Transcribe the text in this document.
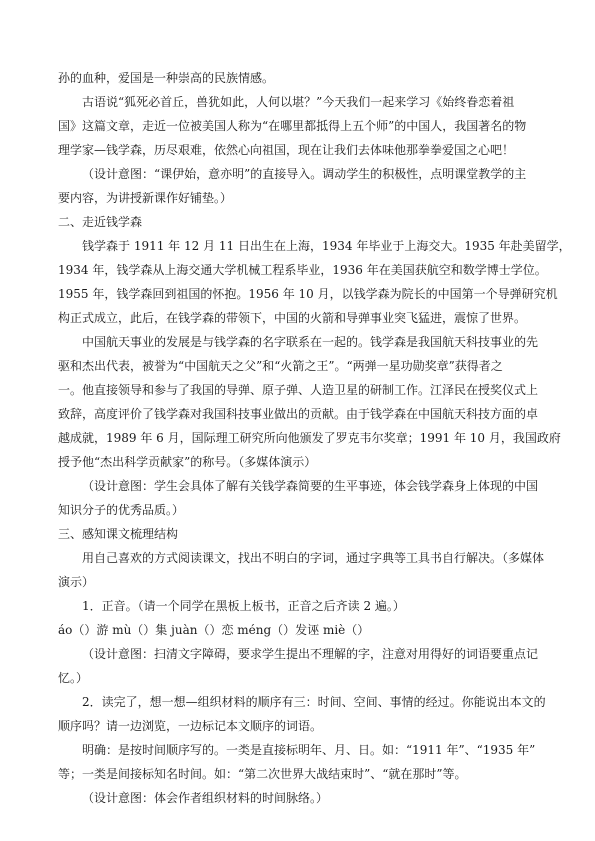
孙的血种，爱国是一种崇高的民族情感。

古语说“狐死必首丘，兽犹如此，人何以堪？”今天我们一起来学习《始终眷恋着祖
国》这篇文章，走近一位被美国人称为“在哪里都抵得上五个师”的中国人，我国著名的物
理学家—钱学森，历尽艰难，依然心向祖国，现在让我们去体味他那拳拳爱国之心吧！

（设计意图：“课伊始，意亦明”的直接导入。调动学生的积极性，点明课堂教学的主
要内容，为讲授新课作好铺垫。）

二、走近钱学森

钱学森于 1911 年 12 月 11 日出生在上海，1934 年毕业于上海交大。1935 年赴美留学，
1934 年，钱学森从上海交通大学机械工程系毕业，1936 年在美国获航空和数学博士学位。
1955 年，钱学森回到祖国的怀抱。1956 年 10 月，以钱学森为院长的中国第一个导弹研究机
构正式成立，此后，在钱学森的带领下，中国的火箭和导弹事业突飞猛进，震惊了世界。

中国航天事业的发展是与钱学森的名字联系在一起的。钱学森是我国航天科技事业的先
驱和杰出代表，被誉为“中国航天之父”和“火箭之王”。“两弹一星功勋奖章”获得者之
一。他直接领导和参与了我国的导弹、原子弹、人造卫星的研制工作。江泽民在授奖仪式上
致辞，高度评价了钱学森对我国科技事业做出的贡献。由于钱学森在中国航天科技方面的卓
越成就，1989 年 6 月，国际理工研究所向他颁发了罗克韦尔奖章；1991 年 10 月，我国政府
授予他“杰出科学贡献家”的称号。（多媒体演示）

（设计意图：学生会具体了解有关钱学森简要的生平事迹，体会钱学森身上体现的中国
知识分子的优秀品质。）

三、感知课文梳理结构

用自己喜欢的方式阅读课文，找出不明白的字词，通过字典等工具书自行解决。（多媒体
演示）

1．正音。（请一个同学在黑板上板书，正音之后齐读 2 遍。）

áo（）游 mù（）集 juàn（）恋 méng（）发诬 miè（）

（设计意图：扫清文字障碍，要求学生提出不理解的字，注意对用得好的词语要重点记
忆。）

2．读完了，想一想—组织材料的顺序有三：时间、空间、事情的经过。你能说出本文的
顺序吗？请一边浏览，一边标记本文顺序的词语。

明确：是按时间顺序写的。一类是直接标明年、月、日。如：“1911 年”、“1935 年”
等；一类是间接标知名时间。如：“第二次世界大战结束时”、“就在那时”等。

（设计意图：体会作者组织材料的时间脉络。）
